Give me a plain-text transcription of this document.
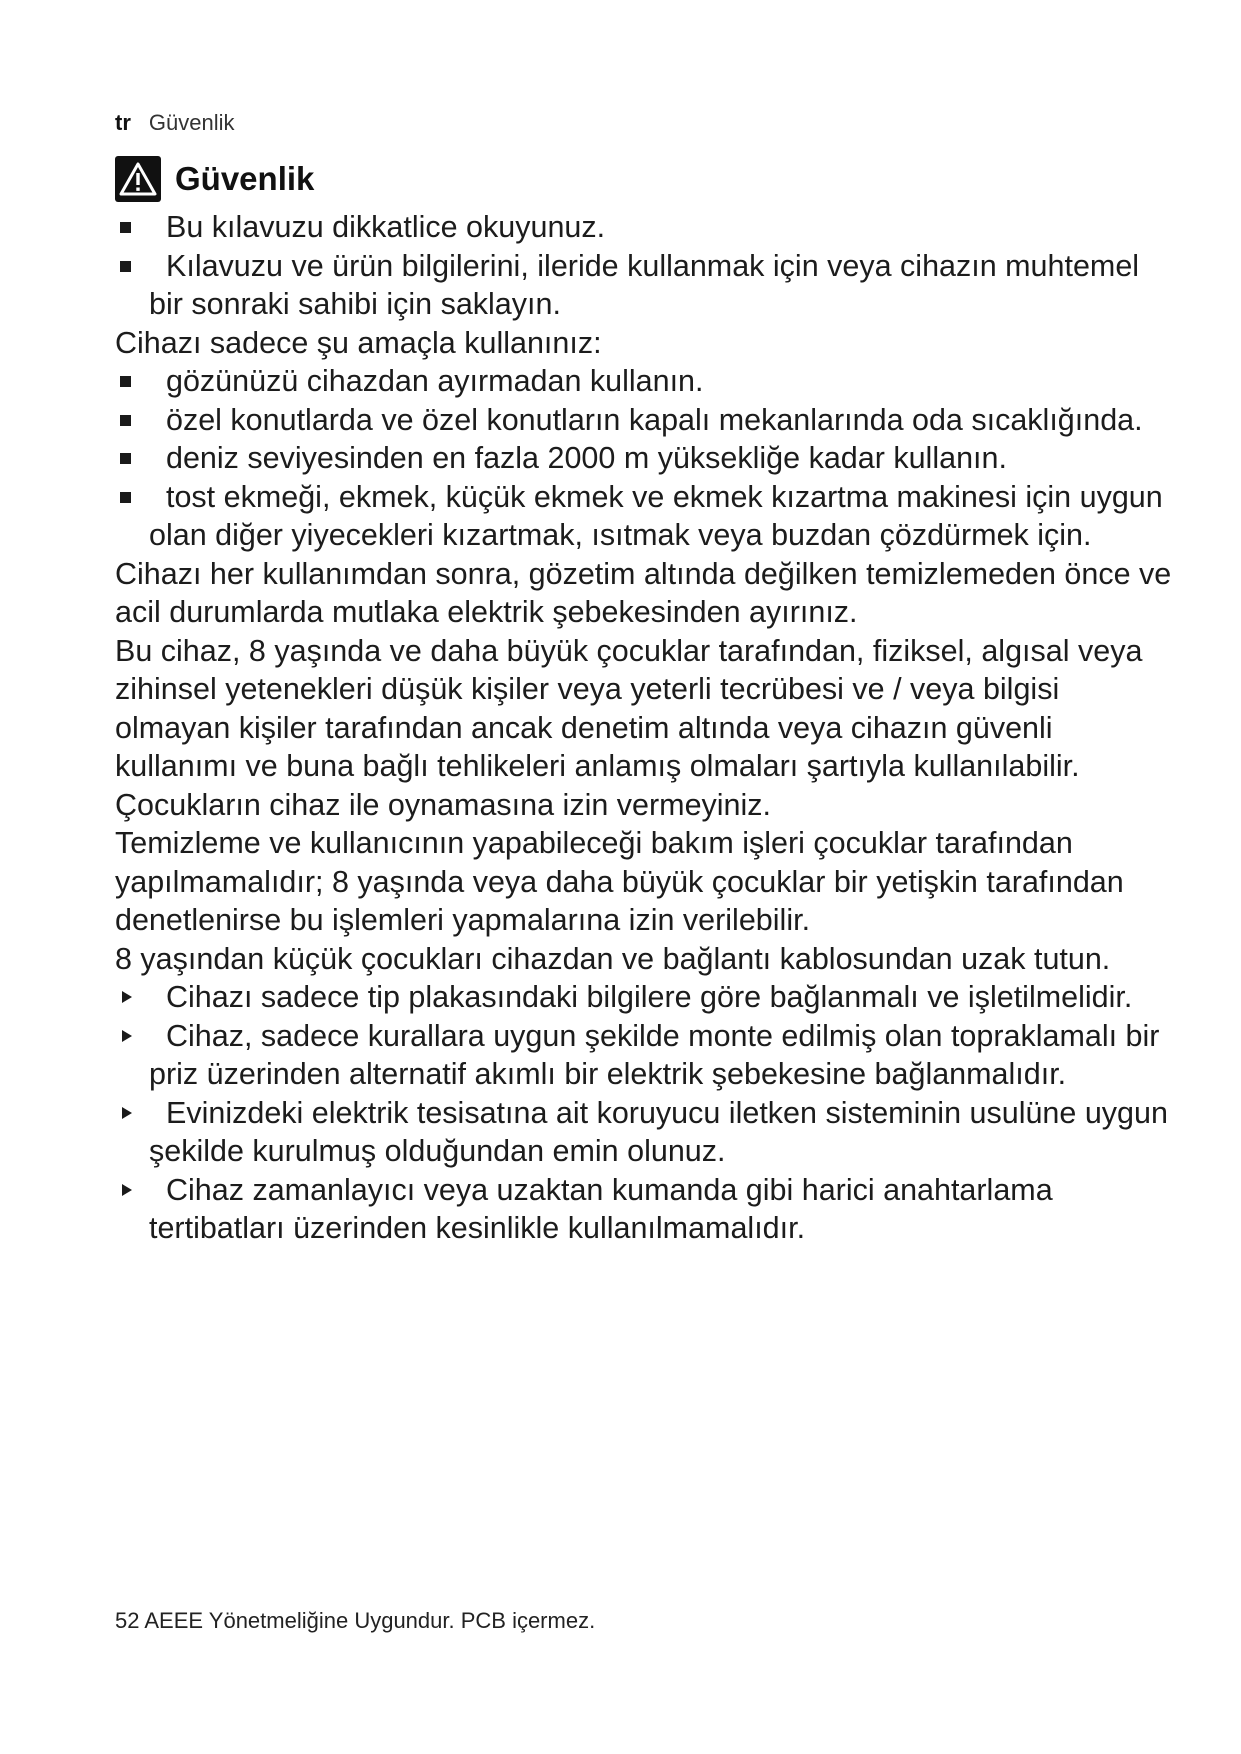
tr Güvenlik
Güvenlik
Bu kılavuzu dikkatlice okuyunuz.
Kılavuzu ve ürün bilgilerini, ileride kullanmak için veya cihazın muhtemel bir sonraki sahibi için saklayın.

Cihazı sadece şu amaçla kullanınız:

gözünüzü cihazdan ayırmadan kullanın.
özel konutlarda ve özel konutların kapalı mekanlarında oda sıcaklığında.
deniz seviyesinden en fazla 2000 m yüksekliğe kadar kullanın.
tost ekmeği, ekmek, küçük ekmek ve ekmek kızartma makinesi için uygun olan diğer yiyecekleri kızartmak, ısıtmak veya buzdan çözdürmek için.

Cihazı her kullanımdan sonra, gözetim altında değilken temizlemeden önce ve acil durumlarda mutlaka elektrik şebekesinden ayırınız.

Bu cihaz, 8 yaşında ve daha büyük çocuklar tarafından, fiziksel, algısal veya zihinsel yetenekleri düşük kişiler veya yeterli tecrübesi ve / veya bilgisi olmayan kişiler tarafından ancak denetim altında veya cihazın güvenli kullanımı ve buna bağlı tehlikeleri anlamış olmaları şartıyla kullanılabilir.

Çocukların cihaz ile oynamasına izin vermeyiniz.

Temizleme ve kullanıcının yapabileceği bakım işleri çocuklar tarafından yapılmamalıdır; 8 yaşında veya daha büyük çocuklar bir yetişkin tarafından denetlenirse bu işlemleri yapmalarına izin verilebilir.

8 yaşından küçük çocukları cihazdan ve bağlantı kablosundan uzak tutun.

Cihazı sadece tip plakasındaki bilgilere göre bağlanmalı ve işletilmelidir.
Cihaz, sadece kurallara uygun şekilde monte edilmiş olan topraklamalı bir priz üzerinden alternatif akımlı bir elektrik şebekesine bağlanmalıdır.
Evinizdeki elektrik tesisatına ait koruyucu iletken sisteminin usulüne uygun şekilde kurulmuş olduğundan emin olunuz.
Cihaz zamanlayıcı veya uzaktan kumanda gibi harici anahtarlama tertibatları üzerinden kesinlikle kullanılmamalıdır.
52 AEEE Yönetmeliğine Uygundur. PCB içermez.
